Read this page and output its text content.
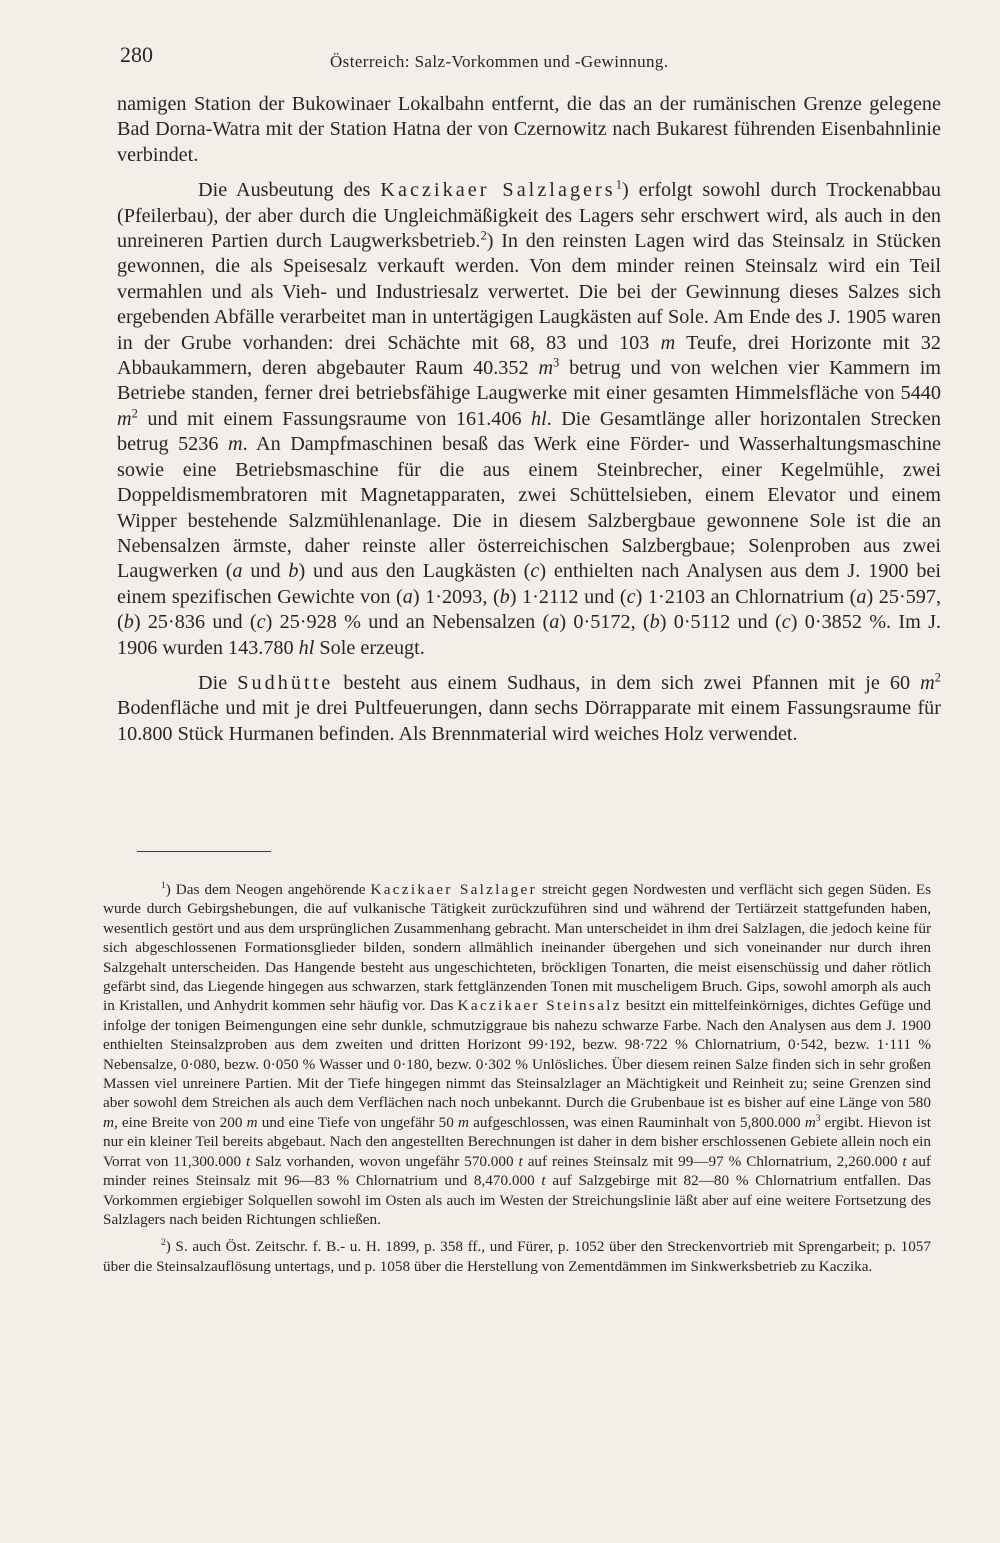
280	Österreich: Salz-Vorkommen und -Gewinnung.

namigen Station der Bukowinaer Lokalbahn entfernt, die das an der rumänischen Grenze gelegene Bad Dorna-Watra mit der Station Hatna der von Czernowitz nach Bukarest führenden Eisenbahnlinie verbindet.

Die Ausbeutung des Kaczikaer Salzlagers$^1$) erfolgt sowohl durch Trockenabbau (Pfeilerbau), der aber durch die Ungleichmäßigkeit des Lagers sehr erschwert wird, als auch in den unreineren Partien durch Laugwerksbetrieb.$^2$) In den reinsten Lagen wird das Steinsalz in Stücken gewonnen, die als Speisesalz verkauft werden. Von dem minder reinen Steinsalz wird ein Teil vermahlen und als Vieh- und Industriesalz verwertet. Die bei der Gewinnung dieses Salzes sich ergebenden Abfälle verarbeitet man in untertägigen Laugkästen auf Sole. Am Ende des J. 1905 waren in der Grube vorhanden: drei Schächte mit 68, 83 und 103 m Teufe, drei Horizonte mit 32 Abbaukammern, deren abgebauter Raum 40.352 $m^3$ betrug und von welchen vier Kammern im Betriebe standen, ferner drei betriebsfähige Laugwerke mit einer gesamten Himmelsfläche von 5440 $m^2$ und mit einem Fassungsraume von 161.406 hl. Die Gesamtlänge aller horizontalen Strecken betrug 5236 m. An Dampfmaschinen besaß das Werk eine Förder- und Wasserhaltungsmaschine sowie eine Betriebsmaschine für die aus einem Steinbrecher, einer Kegelmühle, zwei Doppeldismembratoren mit Magnetapparaten, zwei Schüttelsieben, einem Elevator und einem Wipper bestehende Salzmühlenanlage. Die in diesem Salzbergbaue gewonnene Sole ist die an Nebensalzen ärmste, daher reinste aller österreichischen Salzbergbaue; Solenproben aus zwei Laugwerken (a und b) und aus den Laugkästen (c) enthielten nach Analysen aus dem J. 1900 bei einem spezifischen Gewichte von (a) 1·2093, (b) 1·2112 und (c) 1·2103 an Chlornatrium (a) 25·597, (b) 25·836 und (c) 25·928 % und an Nebensalzen (a) 0·5172, (b) 0·5112 und (c) 0·3852 %. Im J. 1906 wurden 143.780 hl Sole erzeugt.

Die Sudhütte besteht aus einem Sudhaus, in dem sich zwei Pfannen mit je 60 $m^2$ Bodenfläche und mit je drei Pultfeuerungen, dann sechs Dörrapparate mit einem Fassungsraume für 10.800 Stück Hurmanen befinden. Als Brennmaterial wird weiches Holz verwendet.

$^1$) Das dem Neogen angehörende Kaczikaer Salzlager streicht gegen Nordwesten und verflächt sich gegen Süden. Es wurde durch Gebirgshebungen, die auf vulkanische Tätigkeit zurückzuführen sind und während der Tertiärzeit stattgefunden haben, wesentlich gestört und aus dem ursprünglichen Zusammenhang gebracht. Man unterscheidet in ihm drei Salzlagen, die jedoch keine für sich abgeschlossenen Formationsglieder bilden, sondern allmählich ineinander übergehen und sich voneinander nur durch ihren Salzgehalt unterscheiden. Das Hangende besteht aus ungeschichteten, bröckligen Tonarten, die meist eisenschüssig und daher rötlich gefärbt sind, das Liegende hingegen aus schwarzen, stark fettglänzenden Tonen mit muscheligem Bruch. Gips, sowohl amorph als auch in Kristallen, und Anhydrit kommen sehr häufig vor. Das Kaczikaer Steinsalz besitzt ein mittelfeinkörniges, dichtes Gefüge und infolge der tonigen Beimengungen eine sehr dunkle, schmutziggraue bis nahezu schwarze Farbe. Nach den Analysen aus dem J. 1900 enthielten Steinsalzproben aus dem zweiten und dritten Horizont 99·192, bezw. 98·722 % Chlornatrium, 0·542, bezw. 1·111 % Nebensalze, 0·080, bezw. 0·050 % Wasser und 0·180, bezw. 0·302 % Unlösliches. Über diesem reinen Salze finden sich in sehr großen Massen viel unreinere Partien. Mit der Tiefe hingegen nimmt das Steinsalzlager an Mächtigkeit und Reinheit zu; seine Grenzen sind aber sowohl dem Streichen als auch dem Verflächen nach noch unbekannt. Durch die Grubenbaue ist es bisher auf eine Länge von 580 m, eine Breite von 200 m und eine Tiefe von ungefähr 50 m aufgeschlossen, was einen Rauminhalt von 5,800.000 $m^3$ ergibt. Hievon ist nur ein kleiner Teil bereits abgebaut. Nach den angestellten Berechnungen ist daher in dem bisher erschlossenen Gebiete allein noch ein Vorrat von 11,300.000 t Salz vorhanden, wovon ungefähr 570.000 t auf reines Steinsalz mit 99—97 % Chlornatrium, 2,260.000 t auf minder reines Steinsalz mit 96—83 % Chlornatrium und 8,470.000 t auf Salzgebirge mit 82—80 % Chlornatrium entfallen. Das Vorkommen ergiebiger Solquellen sowohl im Osten als auch im Westen der Streichungslinie läßt aber auf eine weitere Fortsetzung des Salzlagers nach beiden Richtungen schließen.

$^2$) S. auch Öst. Zeitschr. f. B.- u. H. 1899, p. 358 ff., und Fürer, p. 1052 über den Streckenvortrieb mit Sprengarbeit; p. 1057 über die Steinsalzauflösung untertags, und p. 1058 über die Herstellung von Zementdämmen im Sinkwerksbetrieb zu Kaczika.
